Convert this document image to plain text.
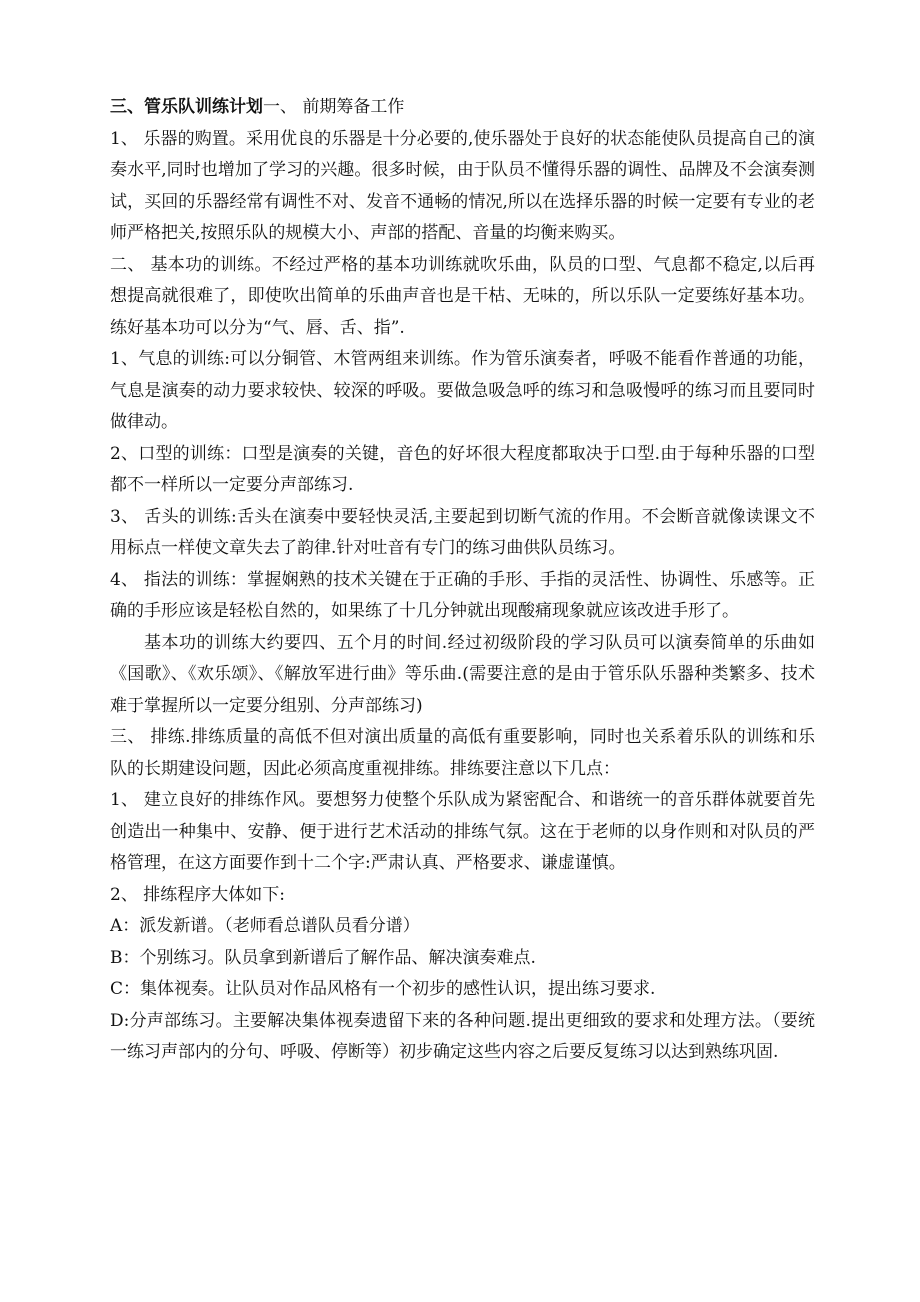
三、管乐队训练计划一、 前期筹备工作

1、 乐器的购置。采用优良的乐器是十分必要的,使乐器处于良好的状态能使队员提高自己的演奏水平,同时也增加了学习的兴趣。很多时候，由于队员不懂得乐器的调性、品牌及不会演奏测试，买回的乐器经常有调性不对、发音不通畅的情况,所以在选择乐器的时候一定要有专业的老师严格把关,按照乐队的规模大小、声部的搭配、音量的均衡来购买。

二、 基本功的训练。不经过严格的基本功训练就吹乐曲，队员的口型、气息都不稳定,以后再想提高就很难了，即使吹出简单的乐曲声音也是干枯、无味的，所以乐队一定要练好基本功。练好基本功可以分为“气、唇、舌、指”.

1、气息的训练:可以分铜管、木管两组来训练。作为管乐演奏者，呼吸不能看作普通的功能，气息是演奏的动力要求较快、较深的呼吸。要做急吸急呼的练习和急吸慢呼的练习而且要同时做律动。

2、口型的训练：口型是演奏的关键，音色的好坏很大程度都取决于口型.由于每种乐器的口型都不一样所以一定要分声部练习.

3、 舌头的训练:舌头在演奏中要轻快灵活,主要起到切断气流的作用。不会断音就像读课文不用标点一样使文章失去了韵律.针对吐音有专门的练习曲供队员练习。

4、 指法的训练：掌握娴熟的技术关键在于正确的手形、手指的灵活性、协调性、乐感等。正确的手形应该是轻松自然的，如果练了十几分钟就出现酸痛现象就应该改进手形了。

基本功的训练大约要四、五个月的时间.经过初级阶段的学习队员可以演奏简单的乐曲如《国歌》、《欢乐颂》、《解放军进行曲》等乐曲.(需要注意的是由于管乐队乐器种类繁多、技术难于掌握所以一定要分组别、分声部练习)

三、 排练.排练质量的高低不但对演出质量的高低有重要影响，同时也关系着乐队的训练和乐队的长期建设问题，因此必须高度重视排练。排练要注意以下几点：

1、 建立良好的排练作风。要想努力使整个乐队成为紧密配合、和谐统一的音乐群体就要首先创造出一种集中、安静、便于进行艺术活动的排练气氛。这在于老师的以身作则和对队员的严格管理，在这方面要作到十二个字:严肃认真、严格要求、谦虚谨慎。

2、 排练程序大体如下:

A：派发新谱。（老师看总谱队员看分谱）

B：个别练习。队员拿到新谱后了解作品、解决演奏难点.

C：集体视奏。让队员对作品风格有一个初步的感性认识，提出练习要求.

D:分声部练习。主要解决集体视奏遗留下来的各种问题.提出更细致的要求和处理方法。（要统一练习声部内的分句、呼吸、停断等）初步确定这些内容之后要反复练习以达到熟练巩固.
